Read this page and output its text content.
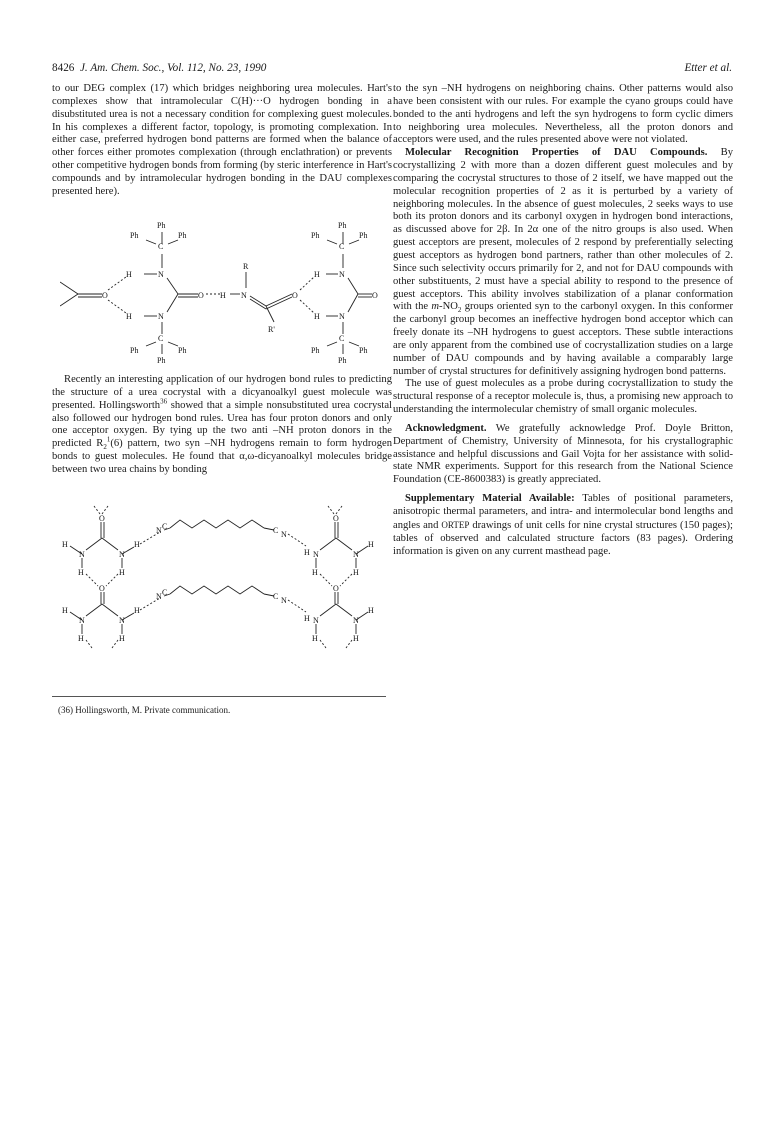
8426 J. Am. Chem. Soc., Vol. 112, No. 23, 1990	Etter et al.

to our DEG complex (17) which bridges neighboring urea molecules. Hart's complexes show that intramolecular C(H)···O hydrogen bonding in a disubstituted urea is not a necessary condition for complexing guest molecules. In his complexes a different factor, topology, is promoting complexation. In either case, preferred hydrogen bond patterns are formed when the balance of other forces either promotes complexation (through enclathration) or prevents other competitive hydrogen bonds from forming (by steric interference in Hart's compounds and by intramolecular hydrogen bonding in the DAU complexes presented here).

O
H
H
N
N
C
C
Ph
Ph
Ph
Ph
Ph
Ph
O H N
R
R'
O
H
H
N
N
C
C
Ph
Ph
Ph
Ph
Ph
Ph
O

Recently an interesting application of our hydrogen bond rules to predicting the structure of a urea cocrystal with a dicyanoalkyl guest molecule was presented. Hollingsworth$^{36}$ showed that a simple nonsubstituted urea cocrystal also followed our hydrogen bond rules. Urea has four proton donors and only one acceptor oxygen. By tying up the two anti –NH proton donors in the predicted $R_2^1(6)$ pattern, two syn –NH hydrogens remain to form hydrogen bonds to guest molecules. He found that α,ω-dicyanoalkyl molecules bridge between two urea chains by bonding

O
N	N
H	H
H	H
O
N	N
H	H
H	H
N C
N C
C N
C N
H
H
O
N	N
H
H	H
O
N	N
H
H	H
(36) Hollingsworth, M. Private communication.

to the syn –NH hydrogens on neighboring chains. Other patterns would also have been consistent with our rules. For example the cyano groups could have bonded to the anti hydrogens and left the syn hydrogens to form cyclic dimers to neighboring urea molecules. Nevertheless, all the proton donors and acceptors were used, and the rules presented above were not violated.

Molecular Recognition Properties of DAU Compounds. By cocrystallizing 2 with more than a dozen different guest molecules and by comparing the cocrystal structures to those of 2 itself, we have mapped out the molecular recognition properties of 2 as it is perturbed by a variety of neighboring molecules. In the absence of guest molecules, 2 seeks ways to use both its proton donors and its carbonyl oxygen in hydrogen bond interactions, as discussed above for 2β. In 2α one of the nitro groups is also used. When guest acceptors are present, molecules of 2 respond by preferentially selecting guest acceptors as hydrogen bond partners, rather than other molecules of 2. Since such selectivity occurs primarily for 2, and not for DAU compounds with other substituents, 2 must have a special ability to respond to the presence of guest acceptors. This ability involves stabilization of a planar conformation with the $m-NO_2$ groups oriented syn to the carbonyl oxygen. In this conformer the carbonyl group becomes an ineffective hydrogen bond acceptor which can freely donate its –NH hydrogens to guest acceptors. These subtle interactions are only apparent from the combined use of cocrystallization studies on a large number of DAU compounds and by having available a comparably large number of crystal structures for definitively assigning hydrogen bond patterns.

The use of guest molecules as a probe during cocrystallization to study the structural response of a receptor molecule is, thus, a promising new approach to understanding the intermolecular chemistry of small organic molecules.

Acknowledgment. We gratefully acknowledge Prof. Doyle Britton, Department of Chemistry, University of Minnesota, for his crystallographic assistance and helpful discussions and Gail Vojta for her assistance with solid-state NMR experiments. Support for this research from the National Science Foundation (CE-8600383) is greatly appreciated.

Supplementary Material Available: Tables of positional parameters, anisotropic thermal parameters, and intra- and intermolecular bond lengths and angles and ORTEP drawings of unit cells for nine crystal structures (150 pages); tables of observed and calculated structure factors (83 pages). Ordering information is given on any current masthead page.
